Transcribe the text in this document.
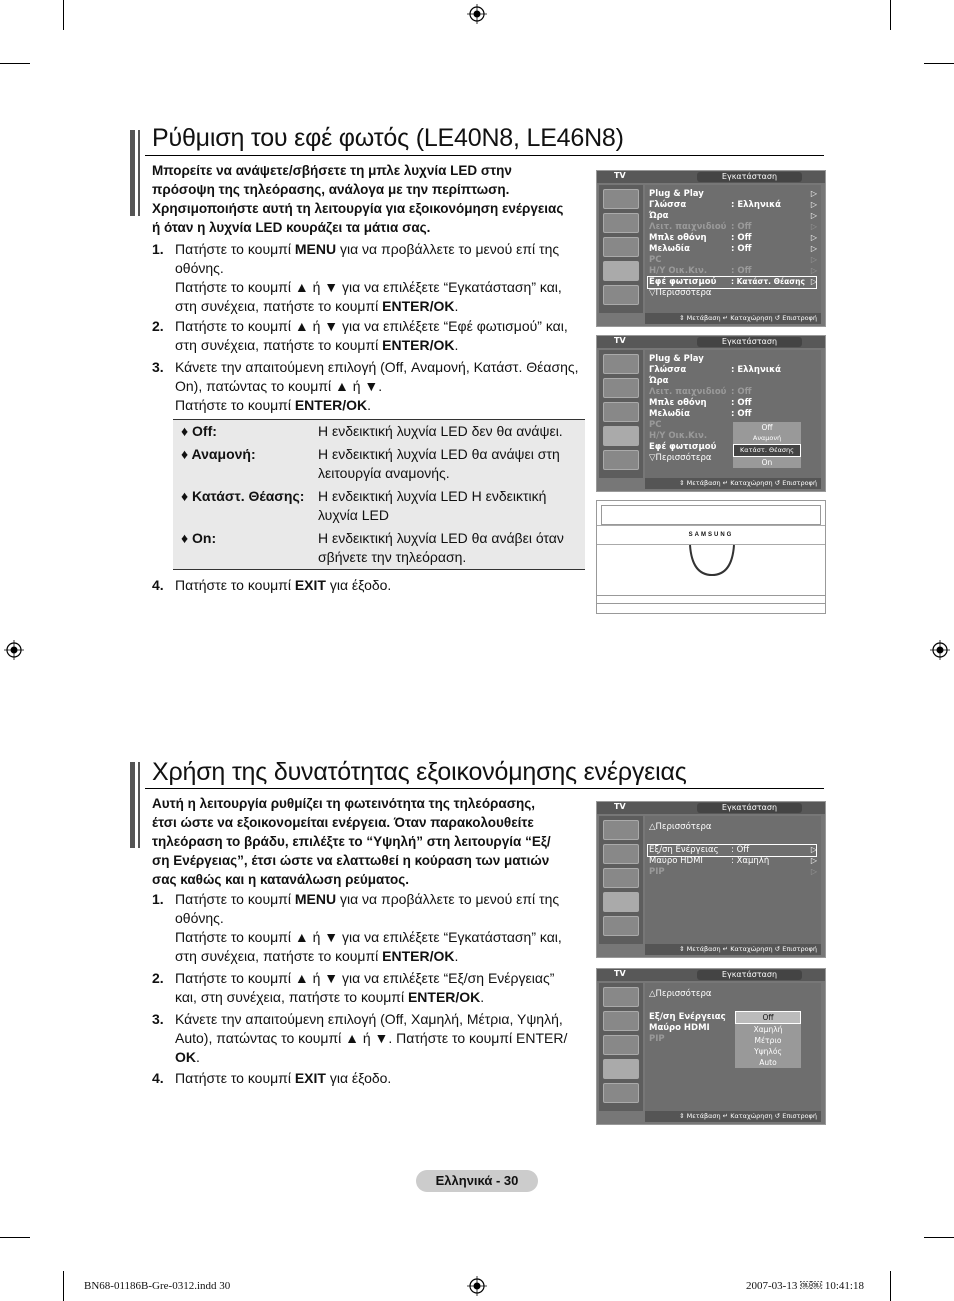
Ρύθμιση του εφέ φωτός (LE40N8, LE46N8)

Μπορείτε να ανάψετε/σβήσετε τη μπλε λυχνία LED στην

πρόσοψη της τηλεόρασης, ανάλογα με την περίπτωση.

Χρησιμοποιήστε αυτή τη λειτουργία για εξοικονόμηση ενέργειας

ή όταν η λυχνία LED κουράζει τα μάτια σας.

1. Πατήστε το κουμπί MENU για να προβάλλετε το μενού επί της
οθόνης.
Πατήστε το κουμπί ▲ ή ▼ για να επιλέξετε “Εγκατάσταση” και,
στη συνέχεια, πατήστε το κουμπί ENTER/OK.
2. Πατήστε το κουμπί ▲ ή ▼ για να επιλέξετε “Εφέ φωτισμού” και,
στη συνέχεια, πατήστε το κουμπί ENTER/OK.
3. Κάνετε την απαιτούμενη επιλογή (Off, Αναμονή, Κατάστ. Θέασης,
On), πατώντας το κουμπί ▲ ή ▼.
Πατήστε το κουμπί ENTER/OK.
♦ Off:	Η ενδεικτική λυχνία LED δεν θα ανάψει.
♦ Αναμονή:	Η ενδεικτική λυχνία LED θα ανάψει στη λειτουργία αναμονής.
♦ Κατάστ. Θέασης: Η ενδεικτική λυχνία LED Η ενδεικτική λυχνία LED
♦ On:	Η ενδεικτική λυχνία LED θα ανάβει όταν σβήνετε την τηλεόραση.
4. Πατήστε το κουμπί EXIT για έξοδο.
TV	Εγκατάσταση
Plug & Play
Γλώσσα	: Ελληνικά
Ώρα
Λειτ. παιχνιδιού : Off
Μπλε οθόνη	: Off
Μελωδία	: Off
PC
Η/Υ Οικ.Κιν.	: Off
Εφέ φωτισμού : Κατάστ. Θέασης
▽Περισσότερα
▷
▷
▷
▷
▷
▷
▷
▷
▷
⇕ Μετάβαση ↵ Καταχώρηση ↺ Επιστροφή
TV	Εγκατάσταση
Plug & Play
Γλώσσα	: Ελληνικά
Ώρα
Λειτ. παιχνιδιού : Off
Μπλε οθόνη	: Off
Μελωδία	: Off
PC
Η/Υ Οικ.Κιν.
Εφέ φωτισμού
▽Περισσότερα
Off
Αναμονή
Κατάστ. Θέασης
On
⇕ Μετάβαση ↵ Καταχώρηση ↺ Επιστροφή
SAMSUNG
Χρήση της δυνατότητας εξοικονόμησης ενέργειας

Αυτή η λειτουργία ρυθμίζει τη φωτεινότητα της τηλεόρασης,

έτσι ώστε να εξοικονομείται ενέργεια. Όταν παρακολουθείτε

τηλεόραση το βράδυ, επιλέξτε το “Υψηλή” στη λειτουργία “Εξ/

ση Ενέργειας”, έτσι ώστε να ελαττωθεί η κούραση των ματιών

σας καθώς και η κατανάλωση ρεύματος.

1. Πατήστε το κουμπί MENU για να προβάλλετε το μενού επί της
οθόνης.
Πατήστε το κουμπί ▲ ή ▼ για να επιλέξετε “Εγκατάσταση” και,
στη συνέχεια, πατήστε το κουμπί ENTER/OK.
2. Πατήστε το κουμπί ▲ ή ▼ για να επιλέξετε “Εξ/ση Ενέργειας”
και, στη συνέχεια, πατήστε το κουμπί ENTER/OK.
3. Κάνετε την απαιτούμενη επιλογή (Off, Χαμηλή, Μέτρια, Υψηλή,
Auto), πατώντας το κουμπί ▲ ή ▼. Πατήστε το κουμπί ENTER/
OK.
4. Πατήστε το κουμπί EXIT για έξοδο.
TV	Εγκατάσταση
△Περισσότερα
Εξ/ση Ενέργειας : Off
Μαύρο HDMI	: Χαμηλή
PIP
▷
▷
▷
⇕ Μετάβαση ↵ Καταχώρηση ↺ Επιστροφή
TV	Εγκατάσταση
△Περισσότερα
Εξ/ση Ενέργειας
Μαύρο HDMI
PIP
Off
Χαμηλή
Μέτριο
Υψηλός
Auto
⇕ Μετάβαση ↵ Καταχώρηση ↺ Επιστροφή
Ελληνικά - 30
BN68-01186B-Gre-0312.indd 30	2007-03-13 ￼￼ 10:41:18
